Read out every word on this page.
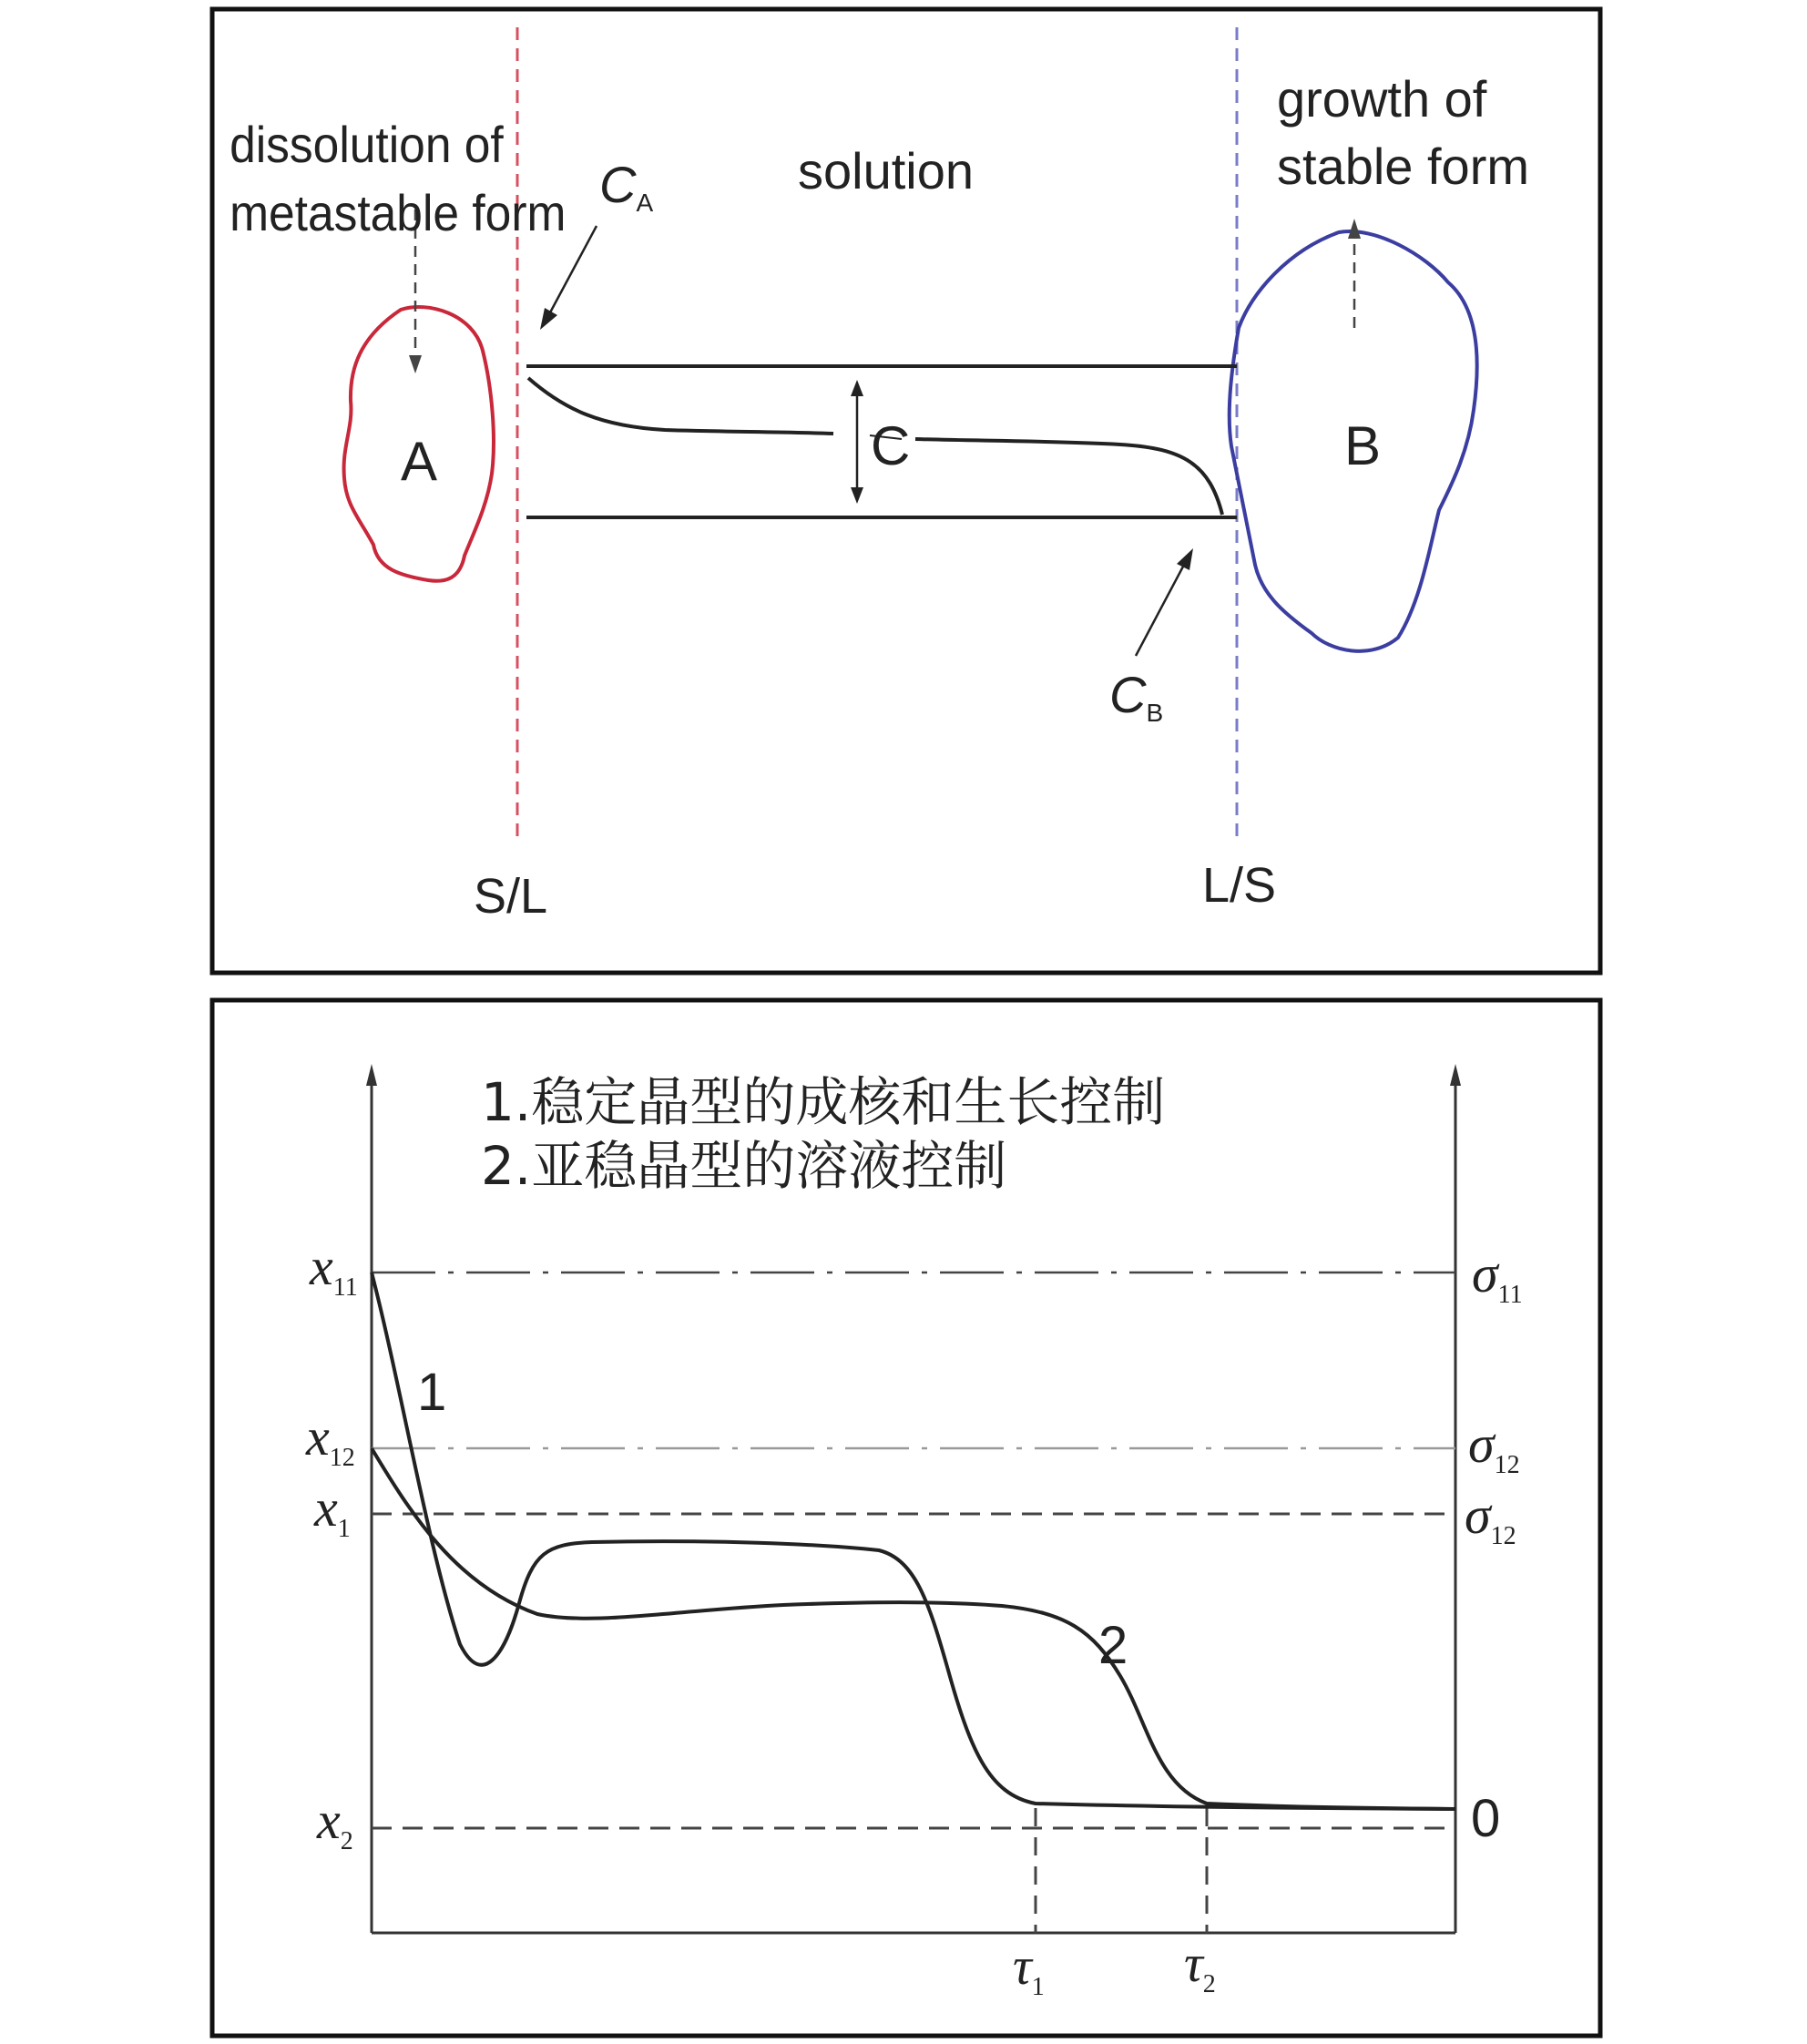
dissolution of
metastable form
growth of
stable form
solution
A	B
C
CA
CB
S/L	L/S
1.稳定晶型的成核和生长控制
2.亚稳晶型的溶液控制
1
2
$x_{11}$
$x_{12}$
$x_1$
$x_2$
$\sigma_{11}$
$\sigma_{12}$
$\sigma_{12}$
0
$\tau_1$	$\tau_2$
